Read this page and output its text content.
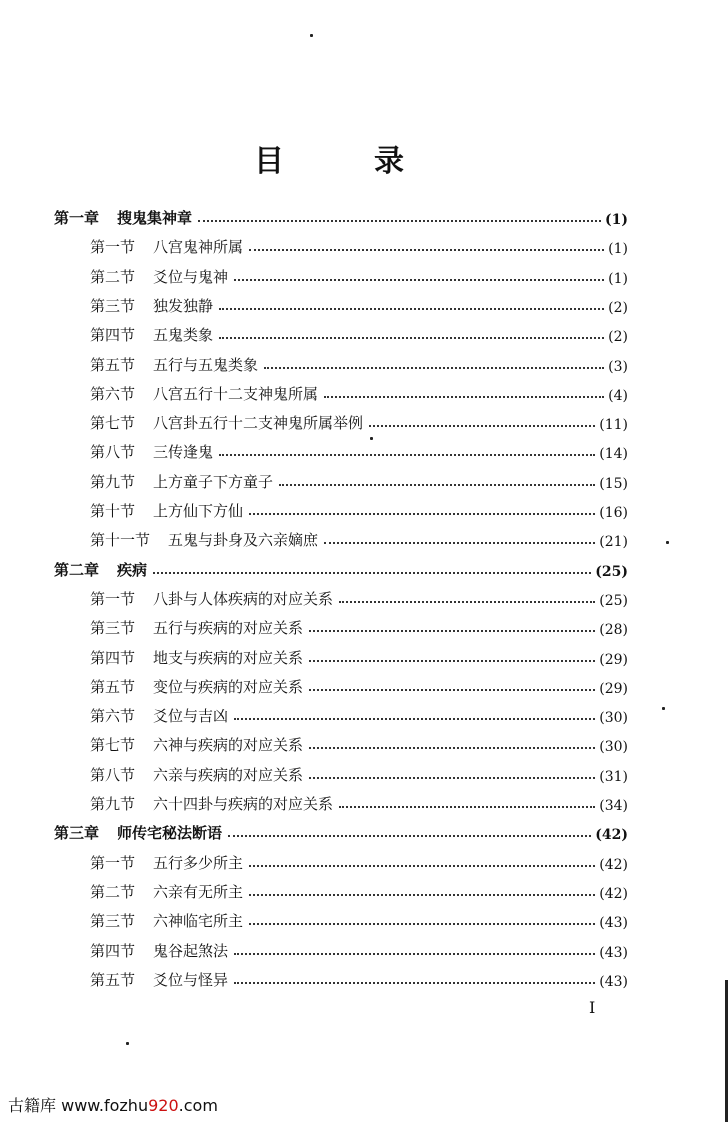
目　录
第一章 搜鬼集神章	(1)
第一节 八宫鬼神所属	(1)
第二节 爻位与鬼神	(1)
第三节 独发独静	(2)
第四节 五鬼类象	(2)
第五节 五行与五鬼类象	(3)
第六节 八宫五行十二支神鬼所属	(4)
第七节 八宫卦五行十二支神鬼所属举例	(11)
第八节 三传逢鬼	(14)
第九节 上方童子下方童子	(15)
第十节 上方仙下方仙	(16)
第十一节 五鬼与卦身及六亲嫡庶	(21)
第二章 疾病	(25)
第一节 八卦与人体疾病的对应关系	(25)
第三节 五行与疾病的对应关系	(28)
第四节 地支与疾病的对应关系	(29)
第五节 变位与疾病的对应关系	(29)
第六节 爻位与吉凶	(30)
第七节 六神与疾病的对应关系	(30)
第八节 六亲与疾病的对应关系	(31)
第九节 六十四卦与疾病的对应关系	(34)
第三章 师传宅秘法断语	(42)
第一节 五行多少所主	(42)
第二节 六亲有无所主	(42)
第三节 六神临宅所主	(43)
第四节 鬼谷起煞法	(43)
第五节 爻位与怪异	(43)
I
古籍库 www.fozhu920.com
